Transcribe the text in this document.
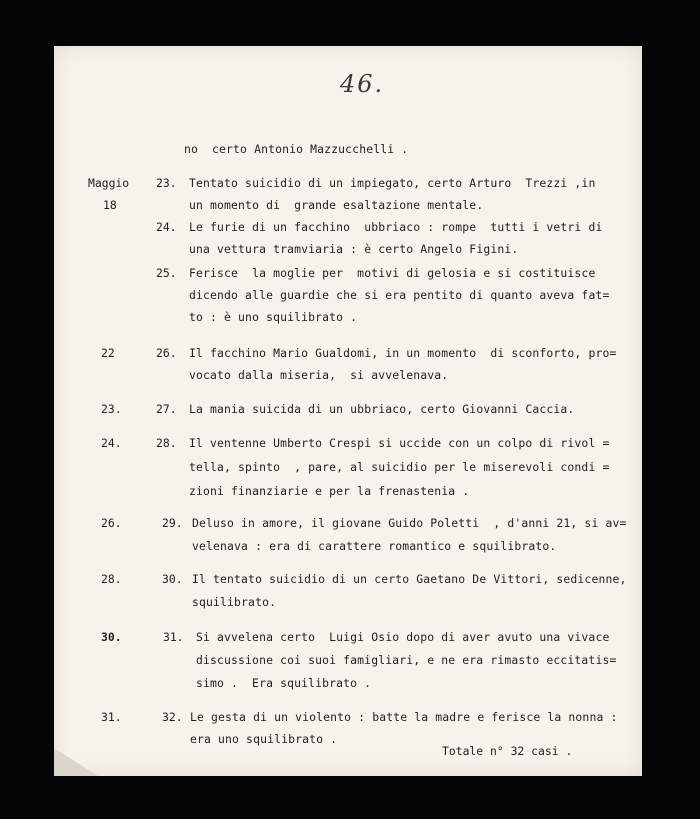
46.
no  certo Antonio Mazzucchelli .
Maggio
18
22
23.
24.
26.
28.
30.
31.
23. Tentato suicidio di un impiegato, certo Arturo  Trezzi ,in
un momento di  grande esaltazione mentale.
24. Le furie di un facchino  ubbriaco : rompe  tutti i vetri di
una vettura tramviaria : è certo Angelo Figini.
25. Ferisce  la moglie per  motivi di gelosia e si costituisce
dicendo alle guardie che si era pentito di quanto aveva fat=
to : è uno squilibrato .
26. Il facchino Mario Gualdomi, in un momento  di sconforto, pro=
vocato dalla miseria,  si avvelenava.
27. La mania suicida di un ubbriaco, certo Giovanni Caccia.
28. Il ventenne Umberto Crespi si uccide con un colpo di rivol =
tella, spinto  , pare, al suicidio per le miserevoli condi =
zioni finanziarie e per la frenastenia .
29. Deluso in amore, il giovane Guido Poletti  , d'anni 21, si av=
velenava : era di carattere romantico e squilibrato.
30. Il tentato suicidio di un certo Gaetano De Vittori, sedicenne,
squilibrato.
31. Si avvelena certo  Luigi Osio dopo di aver avuto una vivace
discussione coi suoi famigliari, e ne era rimasto eccitatis=
simo .  Era squilibrato .
32. Le gesta di un violento : batte la madre e ferisce la nonna :
era uno squilibrato .
Totale n° 32 casi .
